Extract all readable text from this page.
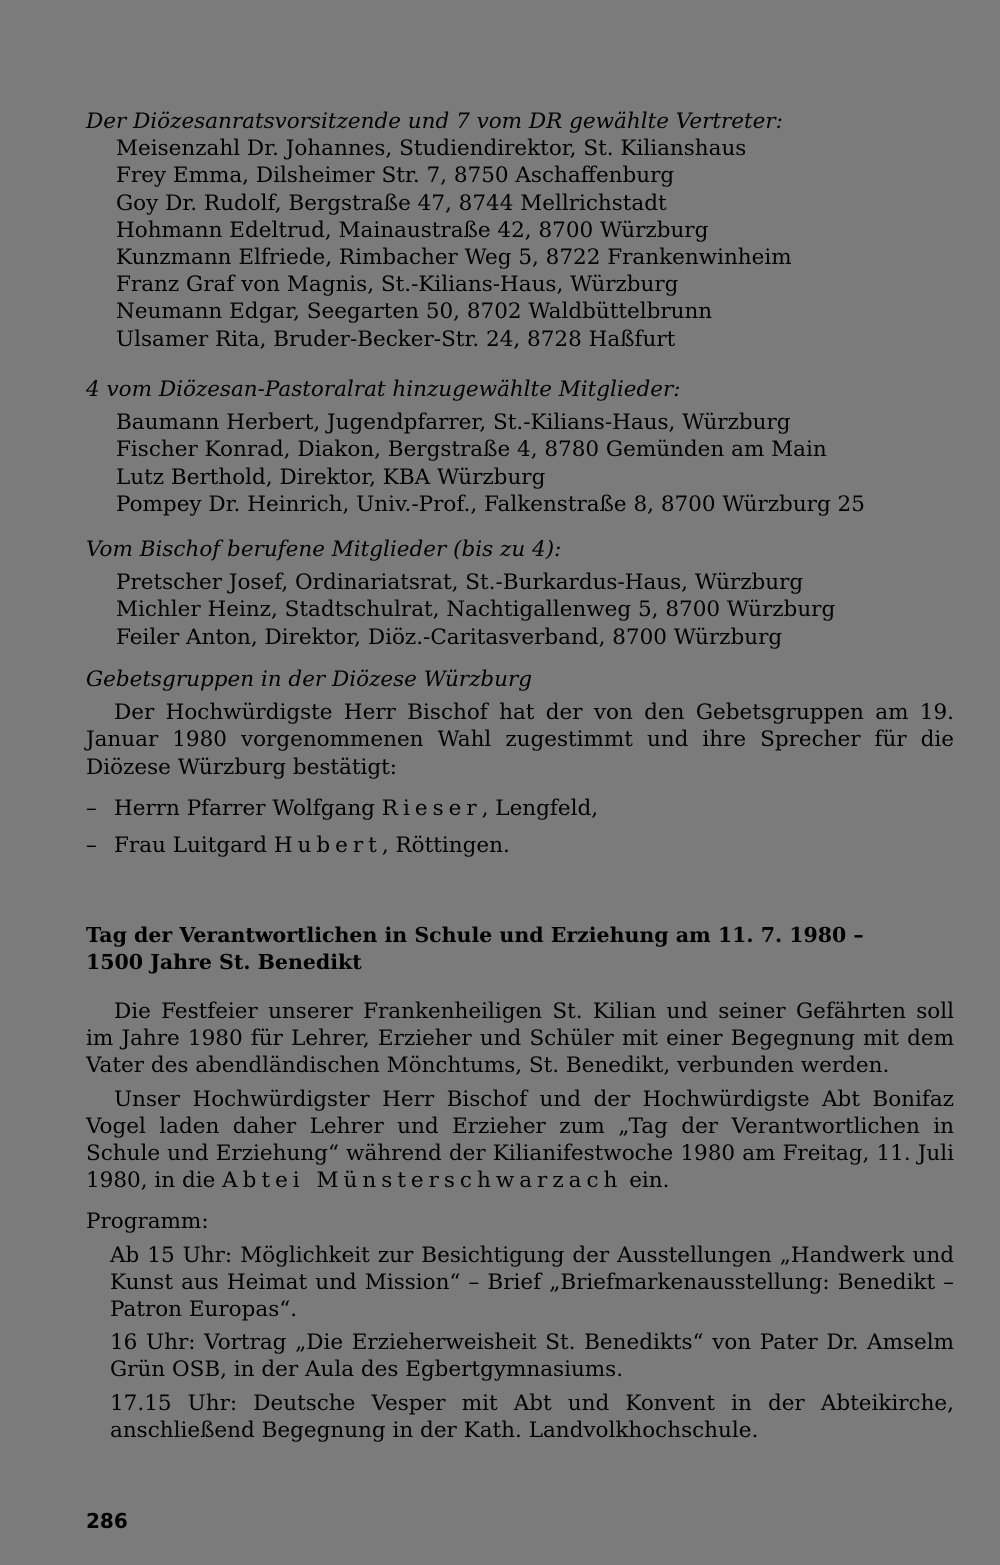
Der Diözesanratsvorsitzende und 7 vom DR gewählte Vertreter:

Meisenzahl Dr. Johannes, Studiendirektor, St. Kilianshaus
Frey Emma, Dilsheimer Str. 7, 8750 Aschaffenburg
Goy Dr. Rudolf, Bergstraße 47, 8744 Mellrichstadt
Hohmann Edeltrud, Mainaustraße 42, 8700 Würzburg
Kunzmann Elfriede, Rimbacher Weg 5, 8722 Frankenwinheim
Franz Graf von Magnis, St.-Kilians-Haus, Würzburg
Neumann Edgar, Seegarten 50, 8702 Waldbüttelbrunn
Ulsamer Rita, Bruder-Becker-Str. 24, 8728 Haßfurt

4 vom Diözesan-Pastoralrat hinzugewählte Mitglieder:

Baumann Herbert, Jugendpfarrer, St.-Kilians-Haus, Würzburg
Fischer Konrad, Diakon, Bergstraße 4, 8780 Gemünden am Main
Lutz Berthold, Direktor, KBA Würzburg
Pompey Dr. Heinrich, Univ.-Prof., Falkenstraße 8, 8700 Würzburg 25

Vom Bischof berufene Mitglieder (bis zu 4):

Pretscher Josef, Ordinariatsrat, St.-Burkardus-Haus, Würzburg
Michler Heinz, Stadtschulrat, Nachtigallenweg 5, 8700 Würzburg
Feiler Anton, Direktor, Diöz.-Caritasverband, 8700 Würzburg

Gebetsgruppen in der Diözese Würzburg

Der Hochwürdigste Herr Bischof hat der von den Gebetsgruppen am 19. Januar 1980 vorgenommenen Wahl zugestimmt und ihre Sprecher für die Diözese Würzburg bestätigt:

– Herrn Pfarrer Wolfgang Rieser, Lengfeld,
– Frau Luitgard Hubert, Röttingen.

Tag der Verantwortlichen in Schule und Erziehung am 11. 7. 1980 –

1500 Jahre St. Benedikt

Die Festfeier unserer Frankenheiligen St. Kilian und seiner Gefährten soll im Jahre 1980 für Lehrer, Erzieher und Schüler mit einer Begegnung mit dem Vater des abendländischen Mönchtums, St. Benedikt, verbunden werden.

Unser Hochwürdigster Herr Bischof und der Hochwürdigste Abt Bonifaz Vogel laden daher Lehrer und Erzieher zum „Tag der Verantwortlichen in Schule und Erziehung“ während der Kilianifestwoche 1980 am Freitag, 11. Juli 1980, in die Abtei Münsterschwarzach ein.

Programm:

Ab 15 Uhr: Möglichkeit zur Besichtigung der Ausstellungen „Handwerk und Kunst aus Heimat und Mission“ – Brief „Briefmarkenausstellung: Benedikt – Patron Europas“.

16 Uhr: Vortrag „Die Erzieherweisheit St. Benedikts“ von Pater Dr. Amselm Grün OSB, in der Aula des Egbertgymnasiums.

17.15 Uhr: Deutsche Vesper mit Abt und Konvent in der Abteikirche, anschließend Begegnung in der Kath. Landvolkhochschule.

286
